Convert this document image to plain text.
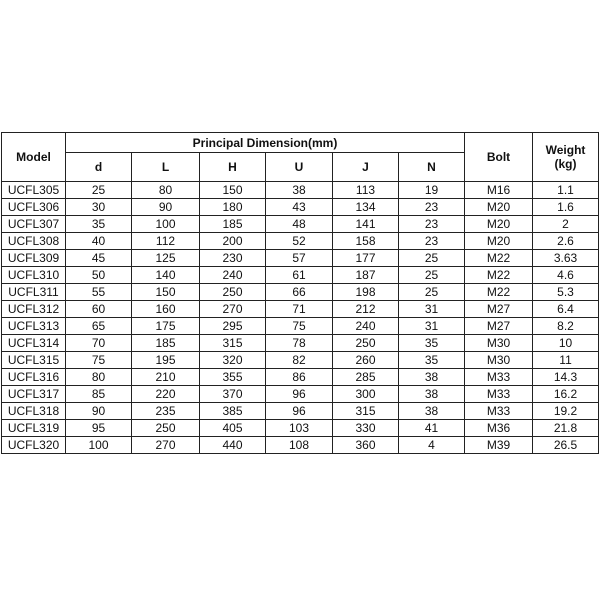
Model	Principal Dimension(mm)						Bolt	Weight
(kg)
	d	L	H	U	J	N		
UCFL305	25	80	150	38	113	19	M16	1.1
UCFL306	30	90	180	43	134	23	M20	1.6
UCFL307	35	100	185	48	141	23	M20	2
UCFL308	40	112	200	52	158	23	M20	2.6
UCFL309	45	125	230	57	177	25	M22	3.63
UCFL310	50	140	240	61	187	25	M22	4.6
UCFL311	55	150	250	66	198	25	M22	5.3
UCFL312	60	160	270	71	212	31	M27	6.4
UCFL313	65	175	295	75	240	31	M27	8.2
UCFL314	70	185	315	78	250	35	M30	10
UCFL315	75	195	320	82	260	35	M30	11
UCFL316	80	210	355	86	285	38	M33	14.3
UCFL317	85	220	370	96	300	38	M33	16.2
UCFL318	90	235	385	96	315	38	M33	19.2
UCFL319	95	250	405	103	330	41	M36	21.8
UCFL320	100	270	440	108	360	4	M39	26.5
